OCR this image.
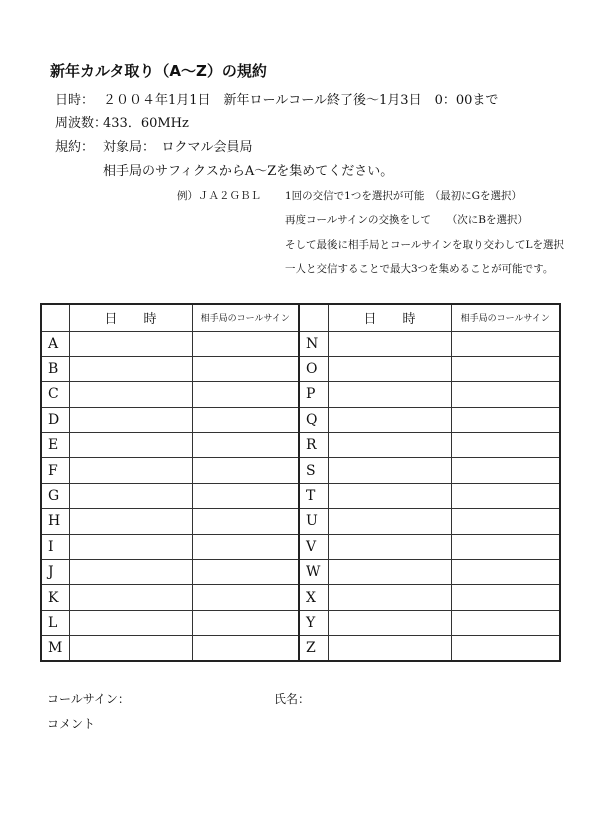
新年カルタ取り（A～Z）の規約
日時： ２００４年1月1日　新年ロールコール終了後～1月3日　0：00まで
周波数：
433．60MHz
規約： 対象局：　ロクマル会員局
相手局のサフィクスからA～Zを集めてください。
例）ＪＡ２ＧＢＬ 1回の交信で1つを選択が可能　（最初にGを選択）
再度コールサインの交換をして　　（次にBを選択）
そして最後に相手局とコールサインを取り交わしてLを選択
一人と交信することで最大3つを集めることが可能です。
	日　　時	相手局のコールサイン		日　　時	相手局のコールサイン
A			N		
B			O		
C			P		
D			Q		
E			R		
F			S		
G			T		
H			U		
I			V		
J			W		
K			X		
L			Y		
M			Z		
コールサイン：	氏名：
コメント
